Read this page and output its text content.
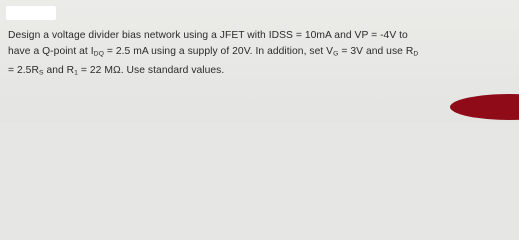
Design a voltage divider bias network using a JFET with IDSS = 10mA and VP = -4V to
have a Q-point at $I_{DQ} = 2.5$ mA using a supply of 20V. In addition, set $V_G = 3V$ and use $R_D$
= $2.5R_S$ and $R_1 = 22$ MΩ. Use standard values.
